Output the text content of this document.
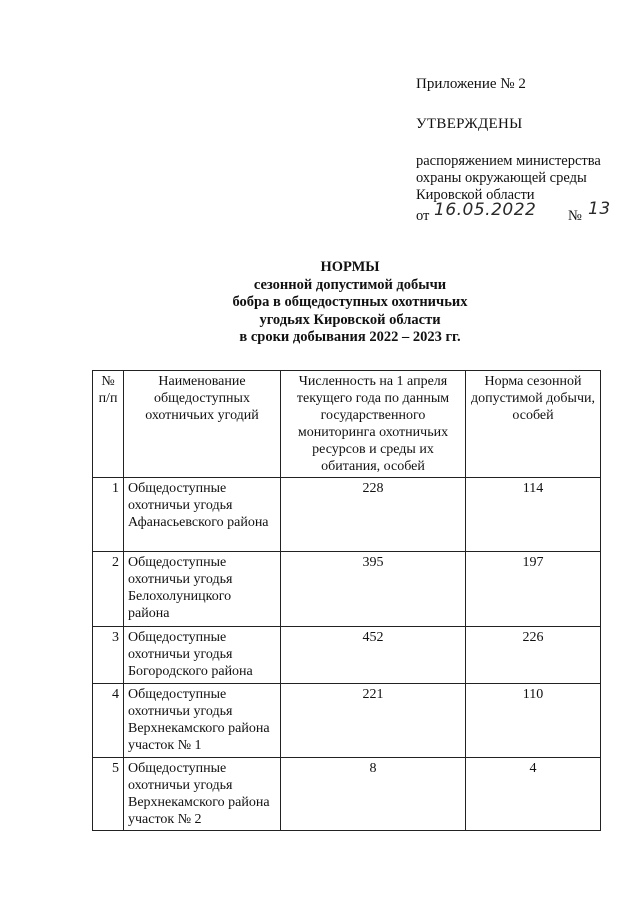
Приложение № 2
УТВЕРЖДЕНЫ
распоряжением министерства
охраны окружающей среды
Кировской области
от 16.05.2022 № 13
НОРМЫ
сезонной допустимой добычи
бобра в общедоступных охотничьих
угодьях Кировской области
в сроки добывания 2022 – 2023 гг.
№ п/п	Наименование общедоступных охотничьих угодий	Численность на 1 апреля текущего года по данным государственного мониторинга охотничьих ресурсов и среды их обитания, особей	Норма сезонной допустимой добычи, особей
1	Общедоступные охотничьи угодья Афанасьевского района	228	114
2	Общедоступные охотничьи угодья Белохолуницкого района	395	197
3	Общедоступные охотничьи угодья Богородского района	452	226
4	Общедоступные охотничьи угодья Верхнекамского района участок № 1	221	110
5	Общедоступные охотничьи угодья Верхнекамского района участок № 2	8	4
